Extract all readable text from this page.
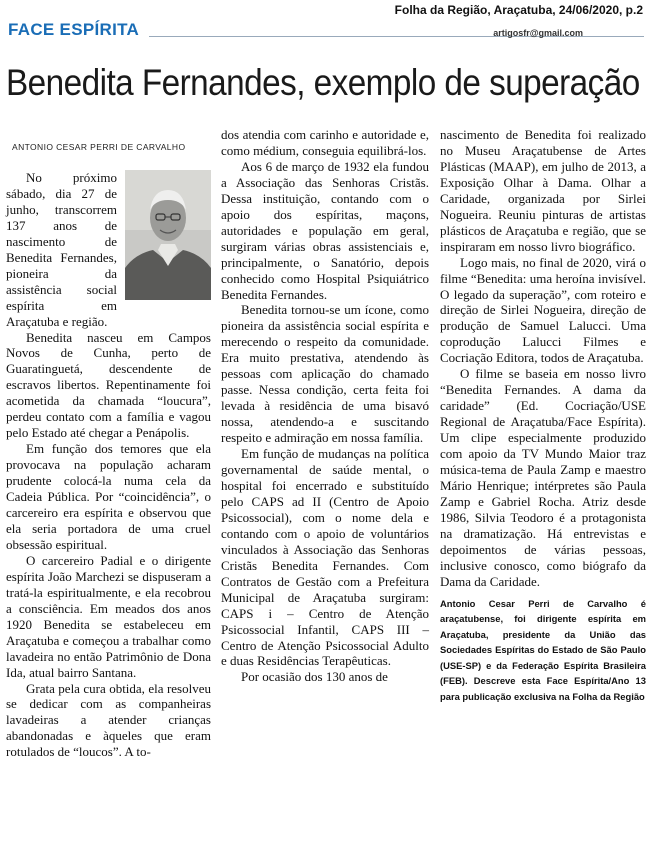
FACE ESPÍRITA
Folha da Região, Araçatuba, 24/06/2020, p.2
artigosfr@gmail.com
Benedita Fernandes, exemplo de superação
ANTONIO CESAR PERRI DE CARVALHO

No próximo sábado, dia 27 de junho, transcorrem 137 anos de nascimento de Benedita Fernandes, pioneira da assistência social espírita em Araçatuba e região.

Benedita nasceu em Campos Novos de Cunha, perto de Guaratinguetá, descendente de escravos libertos. Repentinamente foi acometida da chamada “loucura”, perdeu contato com a família e vagou pelo Estado até chegar a Penápolis.

Em função dos temores que ela provocava na população acharam prudente colocá-la numa cela da Cadeia Pública. Por “coincidência”, o carcereiro era espírita e observou que ela seria portadora de uma cruel obsessão espiritual.

O carcereiro Padial e o dirigente espírita João Marchezi se dispuseram a tratá-la espiritualmente, e ela recobrou a consciência. Em meados dos anos 1920 Benedita se estabeleceu em Araçatuba e começou a trabalhar como lavadeira no então Patrimônio de Dona Ida, atual bairro Santana.

Grata pela cura obtida, ela resolveu se dedicar com as companheiras lavadeiras a atender crianças abandonadas e àqueles que eram rotulados de “loucos”. A to-

dos atendia com carinho e autoridade e, como médium, conseguia equilibrá-los.

Aos 6 de março de 1932 ela fundou a Associação das Senhoras Cristãs. Dessa instituição, contando com o apoio dos espíritas, maçons, autoridades e população em geral, surgiram várias obras assistenciais e, principalmente, o Sanatório, depois conhecido como Hospital Psiquiátrico Benedita Fernandes.

Benedita tornou-se um ícone, como pioneira da assistência social espírita e merecendo o respeito da comunidade. Era muito prestativa, atendendo às pessoas com aplicação do chamado passe. Nessa condição, certa feita foi levada à residência de uma bisavó nossa, atendendo-a e suscitando respeito e admiração em nossa família.

Em função de mudanças na política governamental de saúde mental, o hospital foi encerrado e substituído pelo CAPS ad II (Centro de Apoio Psicossocial), com o nome dela e contando com o apoio de voluntários vinculados à Associação das Senhoras Cristãs Benedita Fernandes. Com Contratos de Gestão com a Prefeitura Municipal de Araçatuba surgiram: CAPS i – Centro de Atenção Psicossocial Infantil, CAPS III – Centro de Atenção Psicossocial Adulto e duas Residências Terapêuticas.

Por ocasião dos 130 anos de

nascimento de Benedita foi realizado no Museu Araçatubense de Artes Plásticas (MAAP), em julho de 2013, a Exposição Olhar à Dama. Olhar a Caridade, organizada por Sirlei Nogueira. Reuniu pinturas de artistas plásticos de Araçatuba e região, que se inspiraram em nosso livro biográfico.

Logo mais, no final de 2020, virá o filme “Benedita: uma heroína invisível. O legado da superação”, com roteiro e direção de Sirlei Nogueira, direção de produção de Samuel Lalucci. Uma coprodução Lalucci Filmes e Cocriação Editora, todos de Araçatuba.

O filme se baseia em nosso livro “Benedita Fernandes. A dama da caridade” (Ed. Cocriação/USE Regional de Araçatuba/Face Espírita). Um clipe especialmente produzido com apoio da TV Mundo Maior traz música-tema de Paula Zamp e maestro Mário Henrique; intérpretes são Paula Zamp e Gabriel Rocha. Atriz desde 1986, Silvia Teodoro é a protagonista na dramatização. Há entrevistas e depoimentos de várias pessoas, inclusive conosco, como biógrafo da Dama da Caridade.

Antonio Cesar Perri de Carvalho é araçatubense, foi dirigente espírita em Araçatuba, presidente da União das Sociedades Espíritas do Estado de São Paulo (USE-SP) e da Federação Espírita Brasileira (FEB). Descreve esta Face Espírita/Ano 13 para publicação exclusiva na Folha da Região
